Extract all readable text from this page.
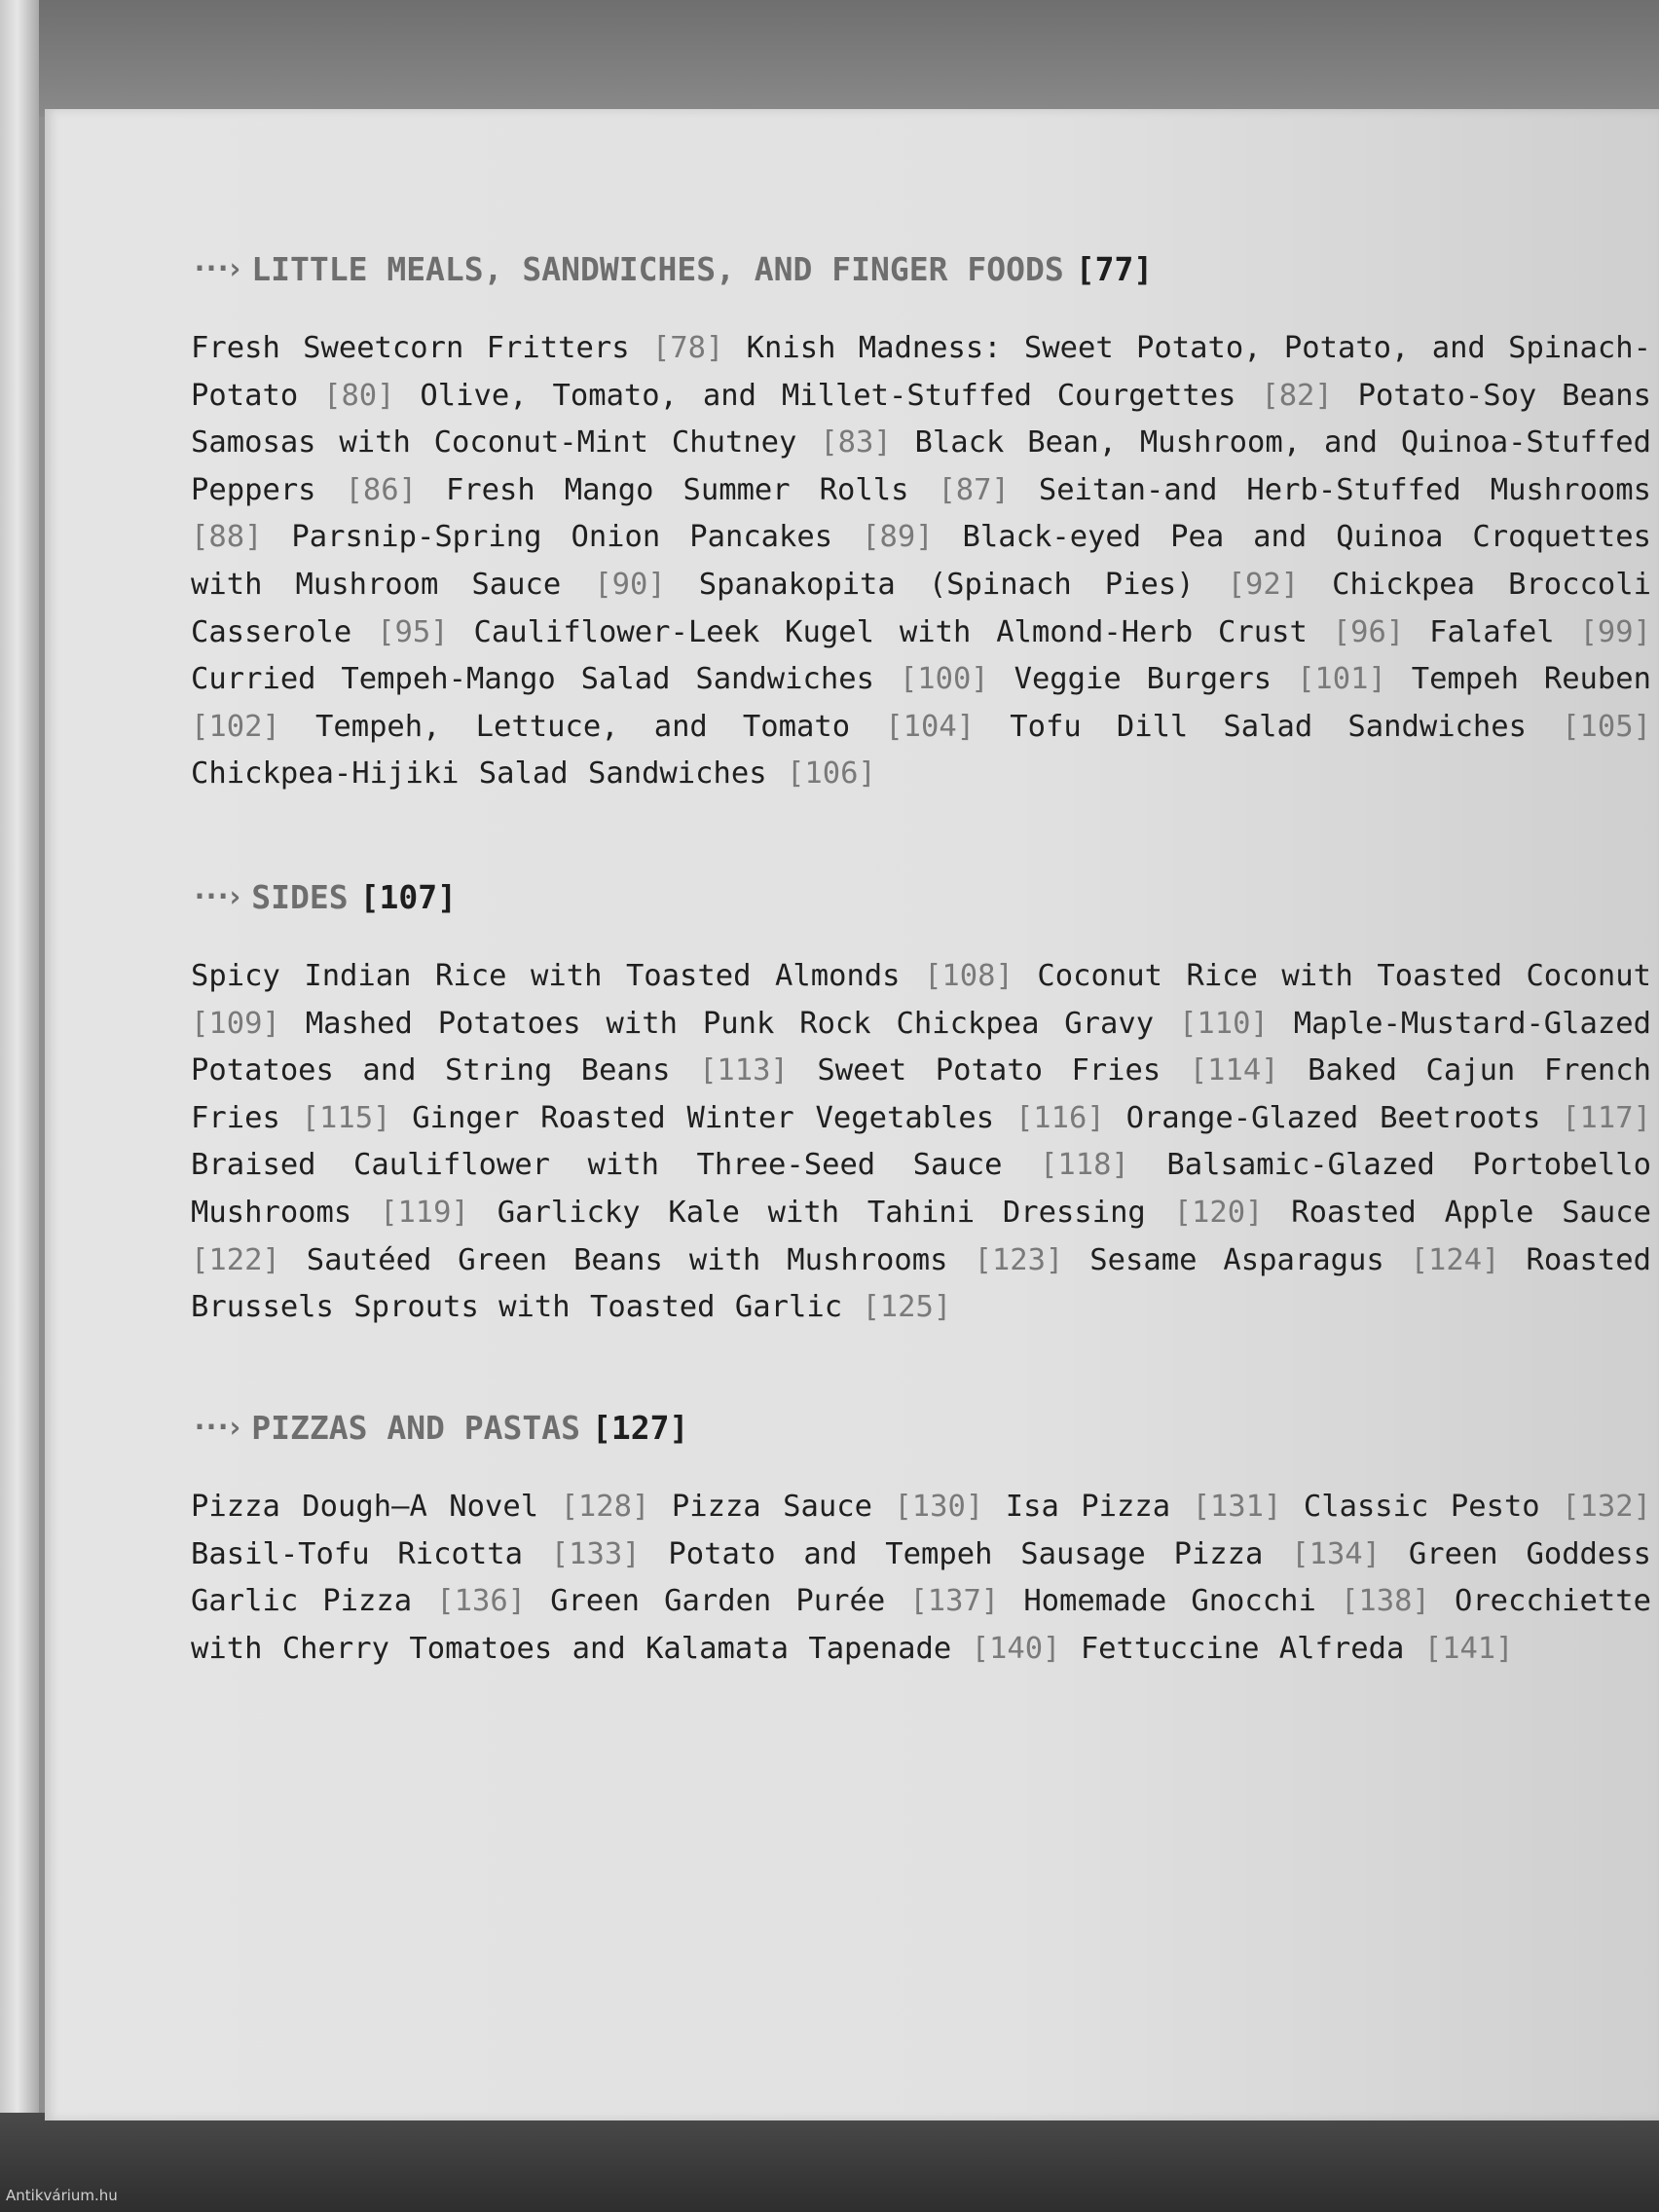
···› LITTLE MEALS, SANDWICHES, AND FINGER FOODS [77]
Fresh Sweetcorn Fritters [78] Knish Madness: Sweet Potato, Potato, and Spinach-Potato [80] Olive, Tomato, and Millet-Stuffed Courgettes [82] Potato-Soy Beans Samosas with Coconut-Mint Chutney [83] Black Bean, Mushroom, and Quinoa-Stuffed Peppers [86] Fresh Mango Summer Rolls [87] Seitan-and Herb-Stuffed Mushrooms [88] Parsnip-Spring Onion Pancakes [89] Black-eyed Pea and Quinoa Croquettes with Mushroom Sauce [90] Spanakopita (Spinach Pies) [92] Chickpea Broccoli Casserole [95] Cauliflower-Leek Kugel with Almond-Herb Crust [96] Falafel [99] Curried Tempeh-Mango Salad Sandwiches [100] Veggie Burgers [101] Tempeh Reuben [102] Tempeh, Lettuce, and Tomato [104] Tofu Dill Salad Sandwiches [105] Chickpea-Hijiki Salad Sandwiches [106]
···› SIDES [107]
Spicy Indian Rice with Toasted Almonds [108] Coconut Rice with Toasted Coconut [109] Mashed Potatoes with Punk Rock Chickpea Gravy [110] Maple-Mustard-Glazed Potatoes and String Beans [113] Sweet Potato Fries [114] Baked Cajun French Fries [115] Ginger Roasted Winter Vegetables [116] Orange-Glazed Beetroots [117] Braised Cauliflower with Three-Seed Sauce [118] Balsamic-Glazed Portobello Mushrooms [119] Garlicky Kale with Tahini Dressing [120] Roasted Apple Sauce [122] Sautéed Green Beans with Mushrooms [123] Sesame Asparagus [124] Roasted Brussels Sprouts with Toasted Garlic [125]
···› PIZZAS AND PASTAS [127]
Pizza Dough—A Novel [128] Pizza Sauce [130] Isa Pizza [131] Classic Pesto [132] Basil-Tofu Ricotta [133] Potato and Tempeh Sausage Pizza [134] Green Goddess Garlic Pizza [136] Green Garden Purée [137] Homemade Gnocchi [138] Orecchiette with Cherry Tomatoes and Kalamata Tapenade [140] Fettuccine Alfreda [141]
Antikvárium.hu
